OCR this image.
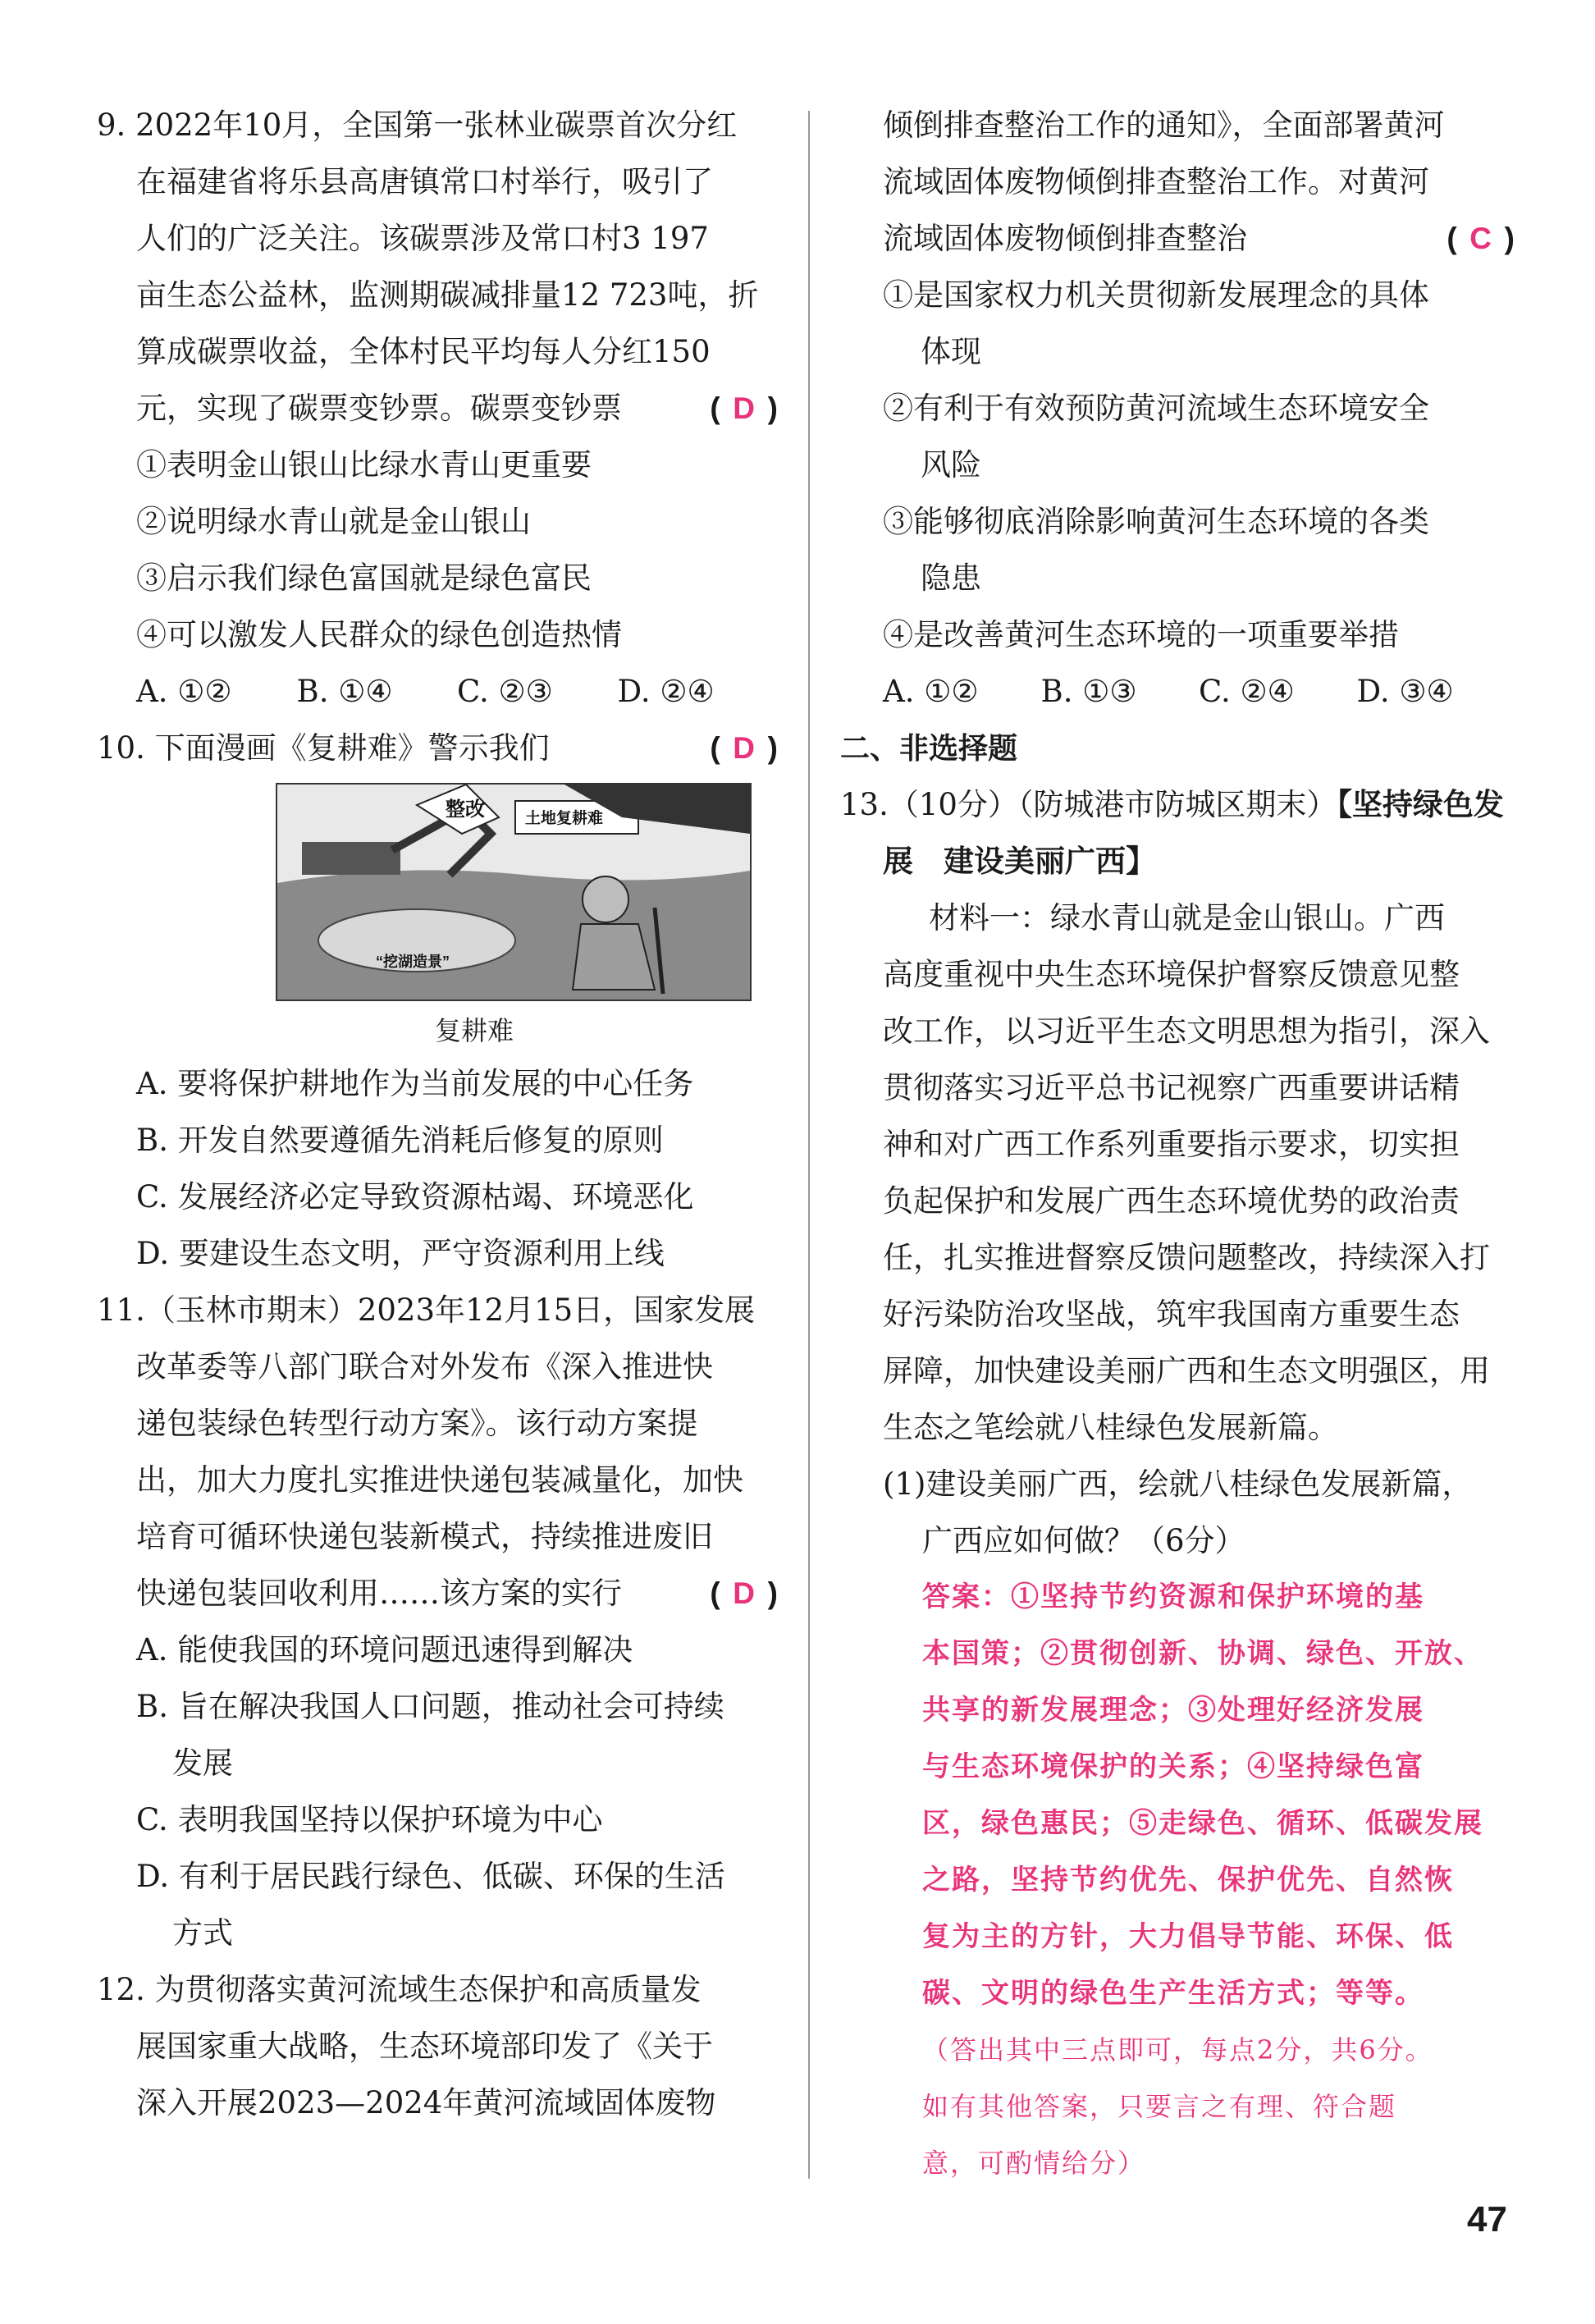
9. 2022年10月，全国第一张林业碳票首次分红
在福建省将乐县高唐镇常口村举行，吸引了
人们的广泛关注。该碳票涉及常口村3 197
亩生态公益林，监测期碳减排量12 723吨，折
算成碳票收益，全体村民平均每人分红150
元，实现了碳票变钞票。碳票变钞票	( D )
①表明金山银山比绿水青山更重要
②说明绿水青山就是金山银山
③启示我们绿色富国就是绿色富民
④可以激发人民群众的绿色创造热情
A. ①②	B. ①④	C. ②③	D. ②④
10. 下面漫画《复耕难》警示我们	( D )
整改	土地复耕难
“挖湖造景”
复耕难
A. 要将保护耕地作为当前发展的中心任务
B. 开发自然要遵循先消耗后修复的原则
C. 发展经济必定导致资源枯竭、环境恶化
D. 要建设生态文明，严守资源利用上线
11.（玉林市期末）2023年12月15日，国家发展
改革委等八部门联合对外发布《深入推进快
递包装绿色转型行动方案》。该行动方案提
出，加大力度扎实推进快递包装减量化，加快
培育可循环快递包装新模式，持续推进废旧
快递包装回收利用……该方案的实行	( D )
A. 能使我国的环境问题迅速得到解决
B. 旨在解决我国人口问题，推动社会可持续
发展
C. 表明我国坚持以保护环境为中心
D. 有利于居民践行绿色、低碳、环保的生活
方式
12. 为贯彻落实黄河流域生态保护和高质量发
展国家重大战略，生态环境部印发了《关于
深入开展2023—2024年黄河流域固体废物
倾倒排查整治工作的通知》，全面部署黄河
流域固体废物倾倒排查整治工作。对黄河
流域固体废物倾倒排查整治	( C )
①是国家权力机关贯彻新发展理念的具体
体现
②有利于有效预防黄河流域生态环境安全
风险
③能够彻底消除影响黄河生态环境的各类
隐患
④是改善黄河生态环境的一项重要举措
A. ①②	B. ①③	C. ②④	D. ③④
二、非选择题
13.（10分）（防城港市防城区期末）【坚持绿色发
展　建设美丽广西】
材料一：绿水青山就是金山银山。广西
高度重视中央生态环境保护督察反馈意见整
改工作，以习近平生态文明思想为指引，深入
贯彻落实习近平总书记视察广西重要讲话精
神和对广西工作系列重要指示要求，切实担
负起保护和发展广西生态环境优势的政治责
任，扎实推进督察反馈问题整改，持续深入打
好污染防治攻坚战，筑牢我国南方重要生态
屏障，加快建设美丽广西和生态文明强区，用
生态之笔绘就八桂绿色发展新篇。
(1)建设美丽广西，绘就八桂绿色发展新篇，
广西应如何做？（6分）
答案：①坚持节约资源和保护环境的基
本国策；②贯彻创新、协调、绿色、开放、
共享的新发展理念；③处理好经济发展
与生态环境保护的关系；④坚持绿色富
区，绿色惠民；⑤走绿色、循环、低碳发展
之路，坚持节约优先、保护优先、自然恢
复为主的方针，大力倡导节能、环保、低
碳、文明的绿色生产生活方式；等等。
（答出其中三点即可，每点2分，共6分。
如有其他答案，只要言之有理、符合题
意，可酌情给分）
47
